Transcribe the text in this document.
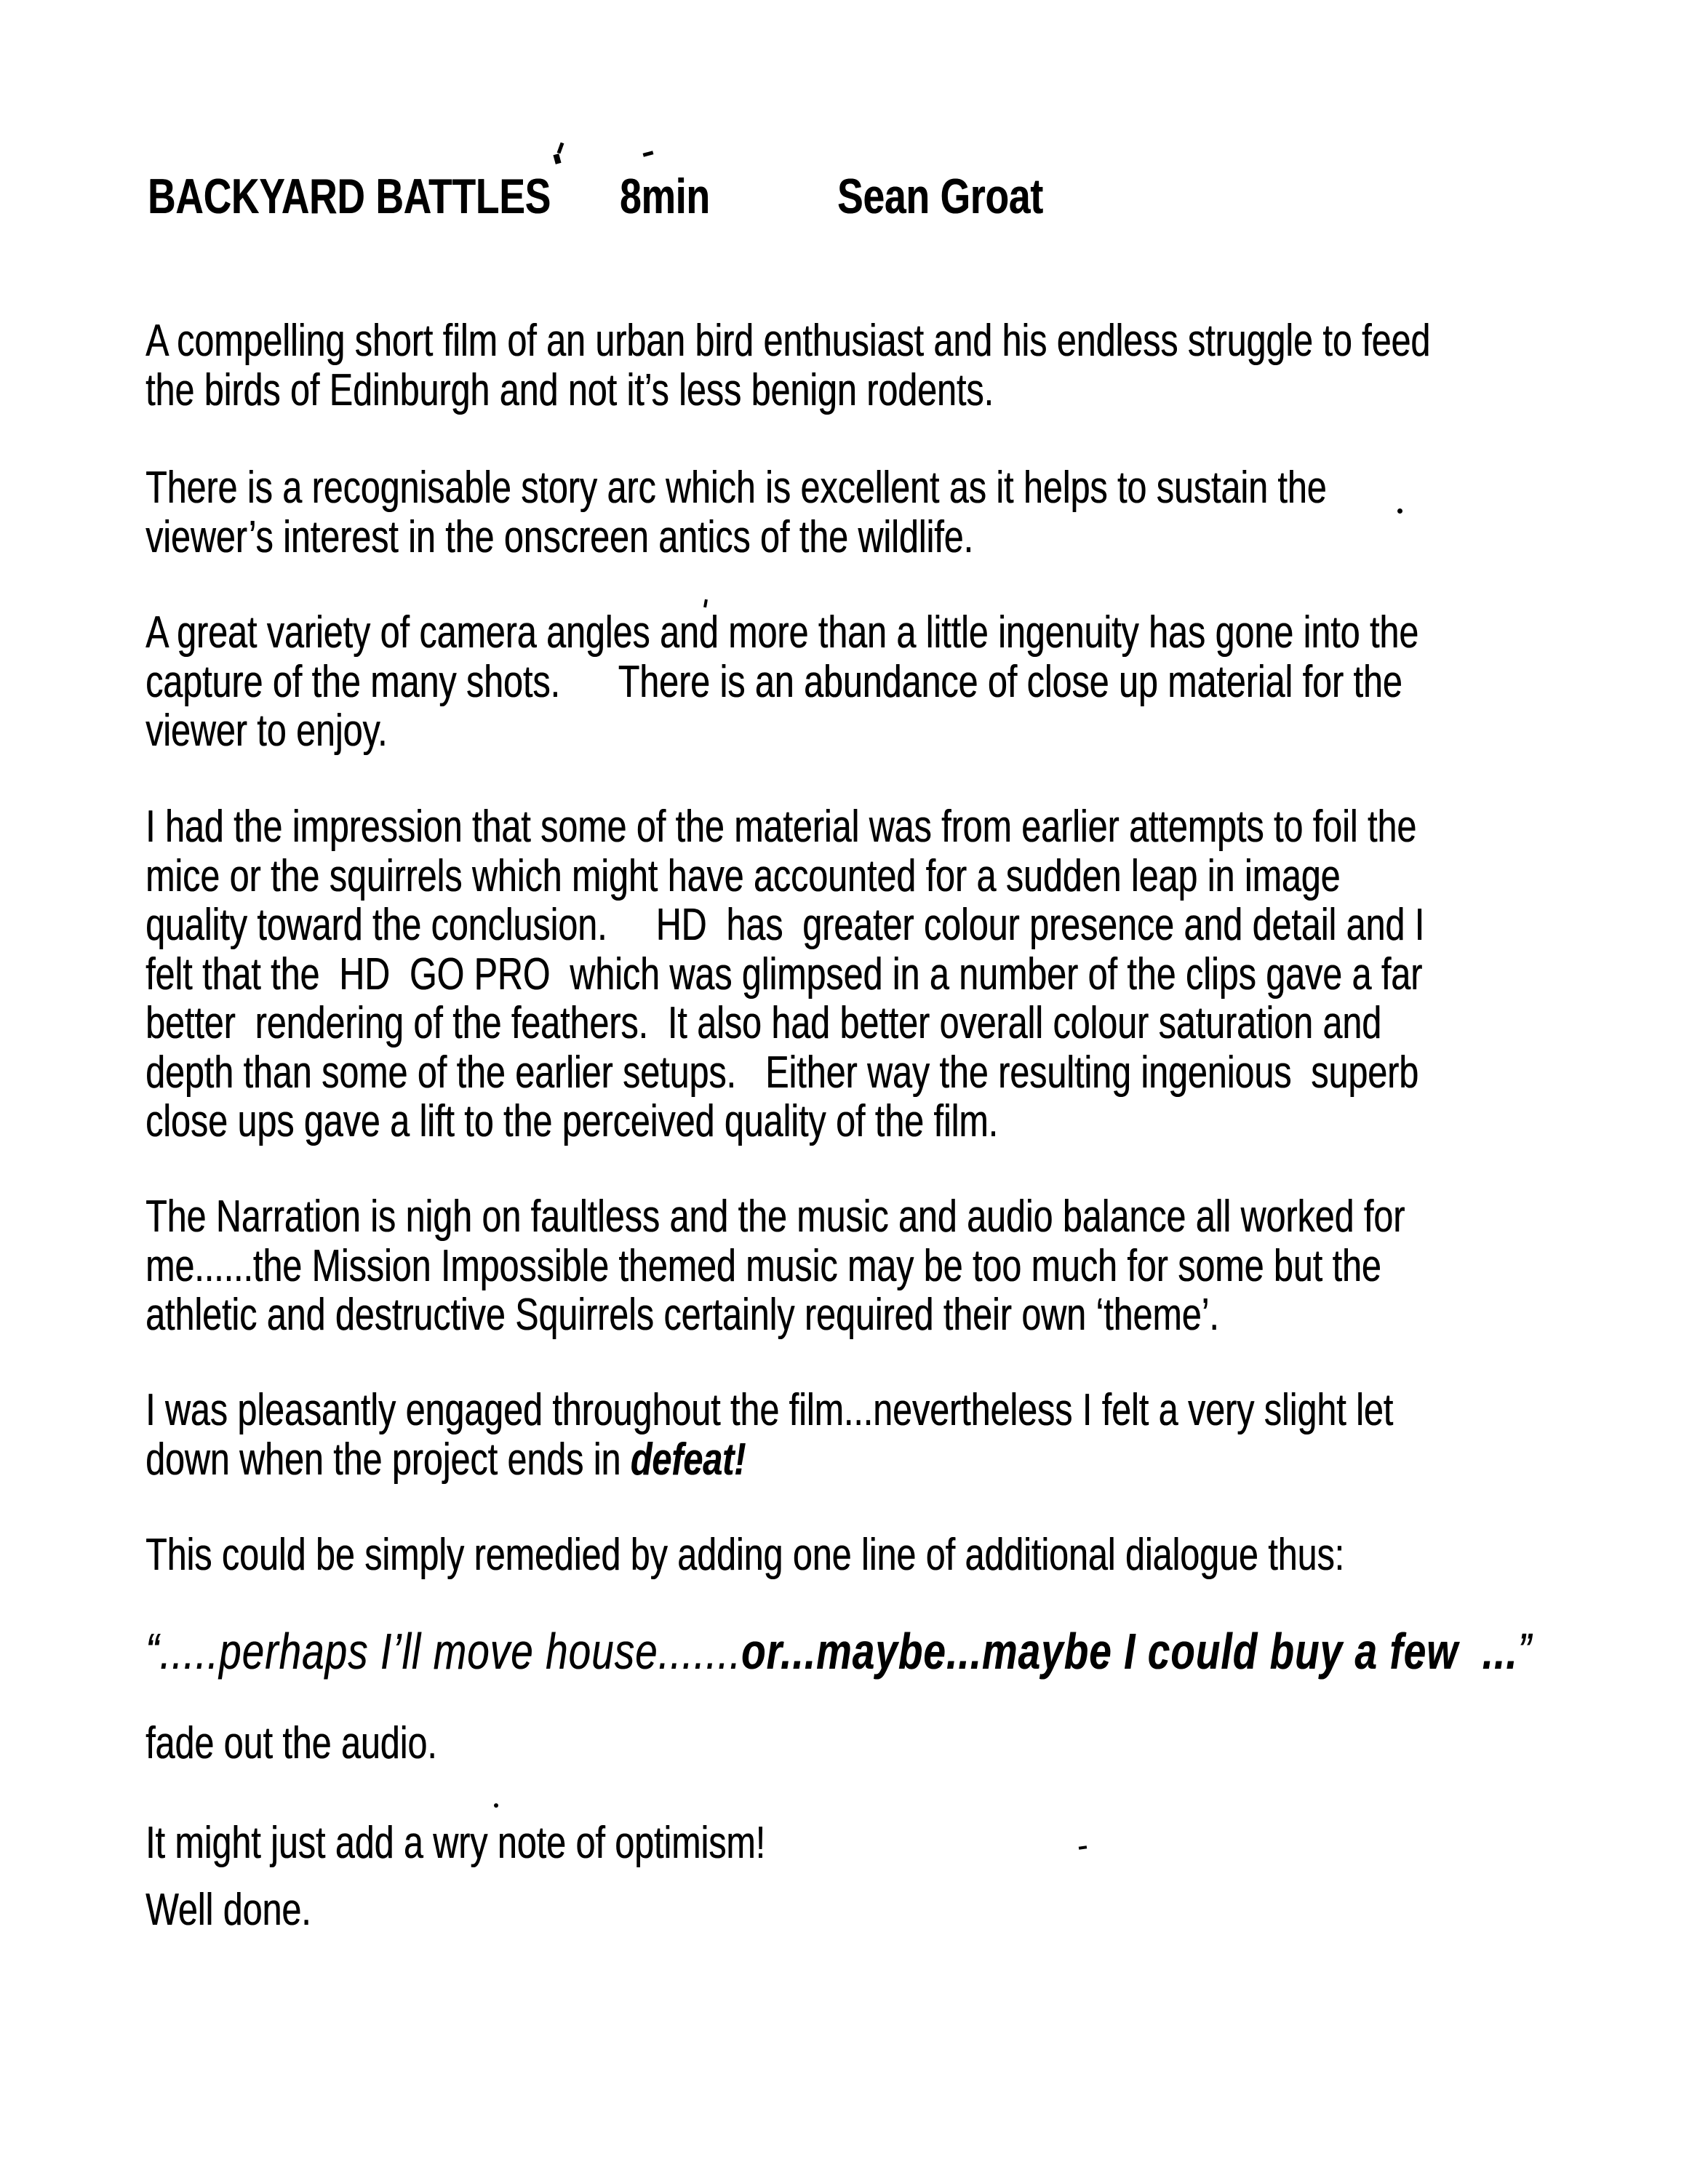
BACKYARD BATTLES 8min	Sean Groat
A compelling short film of an urban bird enthusiast and his endless struggle to feed
the birds of Edinburgh and not it’s less benign rodents.
There is a recognisable story arc which is excellent as it helps to sustain the
viewer’s interest in the onscreen antics of the wildlife.
A great variety of camera angles and more than a little ingenuity has gone into the
capture of the many shots.      There is an abundance of close up material for the
viewer to enjoy.
I had the impression that some of the material was from earlier attempts to foil the
mice or the squirrels which might have accounted for a sudden leap in image
quality toward the conclusion.     HD  has  greater colour presence and detail and I
felt that the  HD  GO PRO  which was glimpsed in a number of the clips gave a far
better  rendering of the feathers.  It also had better overall colour saturation and
depth than some of the earlier setups.   Either way the resulting ingenious  superb
close ups gave a lift to the perceived quality of the film.
The Narration is nigh on faultless and the music and audio balance all worked for
me......the Mission Impossible themed music may be too much for some but the
athletic and destructive Squirrels certainly required their own ‘theme’.
I was pleasantly engaged throughout the film...nevertheless I felt a very slight let
down when the project ends in defeat!
This could be simply remedied by adding one line of additional dialogue thus:
“.....perhaps I’ll move house.......or...maybe...maybe I could buy a few  ...”
fade out the audio.
It might just add a wry note of optimism!
Well done.
